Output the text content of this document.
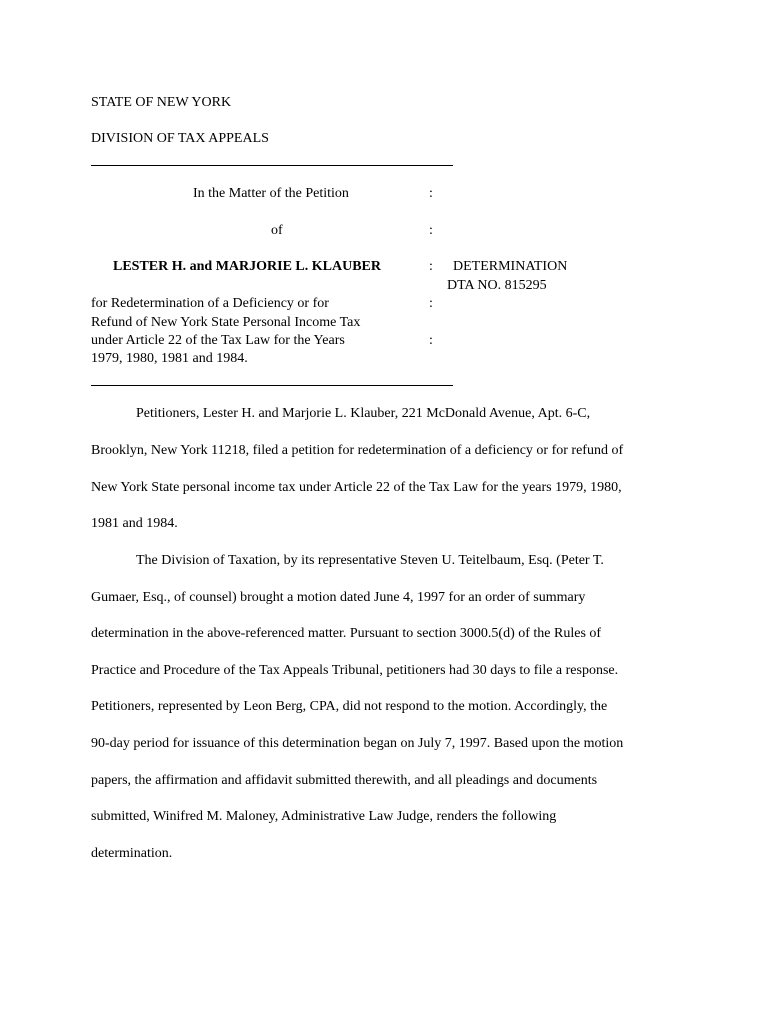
STATE OF NEW YORK
DIVISION OF TAX APPEALS
In the Matter of the Petition	:
of	:
LESTER H. and MARJORIE L. KLAUBER	: DETERMINATION
DTA NO. 815295
for Redetermination of a Deficiency or for	:
Refund of New York State Personal Income Tax
under Article 22 of the Tax Law for the Years	:
1979, 1980, 1981 and 1984.
Petitioners, Lester H. and Marjorie L. Klauber, 221 McDonald Avenue, Apt. 6-C,
Brooklyn, New York 11218, filed a petition for redetermination of a deficiency or for refund of
New York State personal income tax under Article 22 of the Tax Law for the years 1979, 1980,
1981 and 1984.
The Division of Taxation, by its representative Steven U. Teitelbaum, Esq. (Peter T.
Gumaer, Esq., of counsel) brought a motion dated June 4, 1997 for an order of summary
determination in the above-referenced matter. Pursuant to section 3000.5(d) of the Rules of
Practice and Procedure of the Tax Appeals Tribunal, petitioners had 30 days to file a response.
Petitioners, represented by Leon Berg, CPA, did not respond to the motion. Accordingly, the
90-day period for issuance of this determination began on July 7, 1997. Based upon the motion
papers, the affirmation and affidavit submitted therewith, and all pleadings and documents
submitted, Winifred M. Maloney, Administrative Law Judge, renders the following
determination.
